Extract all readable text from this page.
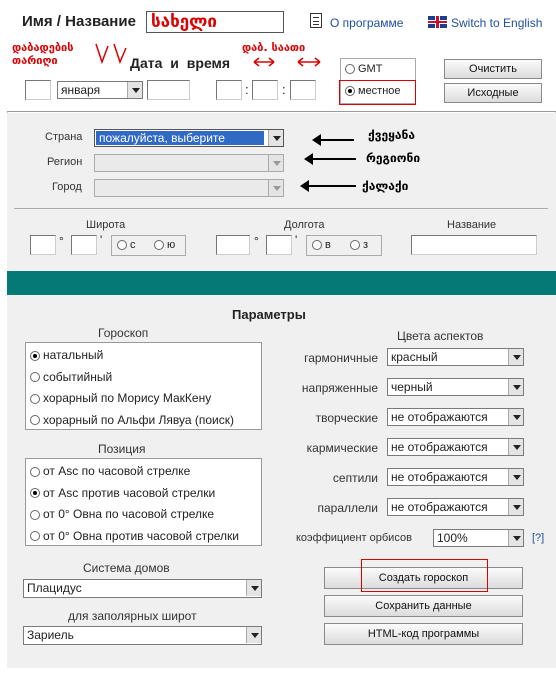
Имя / Название სახელი	О программе	Switch to English
დაბადების
თარიღი	Дата и время
დაბ. საათი
января	:	:
GMT
местное
Очистить
Исходные
Страна пожалуйста, выберите
Регион
Город
ქვეყანა
რეგიონი
ქალაქი
Широта
°	'	с	ю
Долгота
°	'	в	з
Название
Параметры
Гороскоп
натальный
событийный
хорарный по Морису МакКену
хорарный по Альфи Лявуа (поиск)
Позиция
от Asc по часовой стрелке
от Asc против часовой стрелки
от 0° Овна по часовой стрелке
от 0° Овна против часовой стрелки
Система домов
Плацидус
для заполярных широт
Зариель
Цвета аспектов
гармоничные	красный
напряженные	черный
творческие	не отображаются
кармические	не отображаются
септили	не отображаются
параллели	не отображаются
коэффициент орбисов	100%	[?]
Создать гороскоп
Сохранить данные
HTML-код программы
